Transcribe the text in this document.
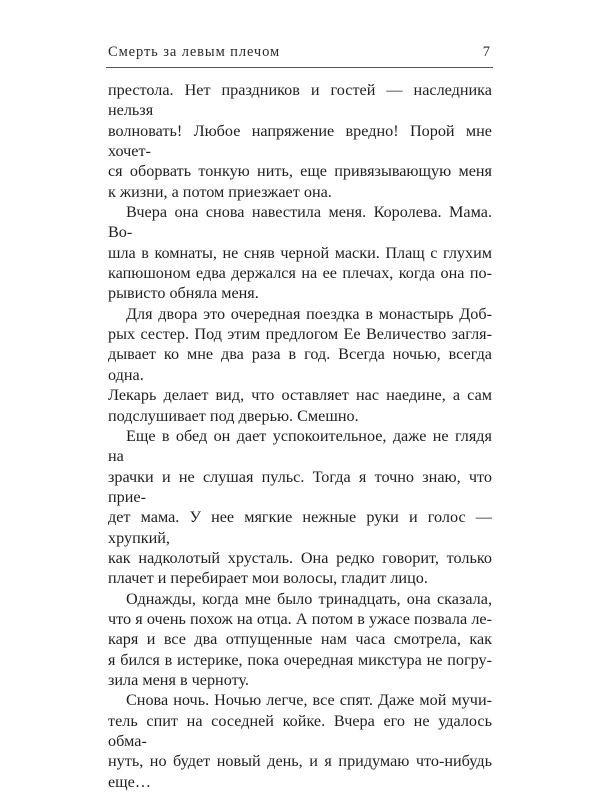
Смерть за левым плечом	7

престола. Нет праздников и гостей — наследника нельзя

волновать! Любое напряжение вредно! Порой мне хочет-

ся оборвать тонкую нить, еще привязывающую меня

к жизни, а потом приезжает она.

Вчера она снова навестила меня. Королева. Мама. Во-

шла в комнаты, не сняв черной маски. Плащ с глухим

капюшоном едва держался на ее плечах, когда она по-

рывисто обняла меня.

Для двора это очередная поездка в монастырь Доб-

рых сестер. Под этим предлогом Ее Величество загля-

дывает ко мне два раза в год. Всегда ночью, всегда одна.

Лекарь делает вид, что оставляет нас наедине, а сам

подслушивает под дверью. Смешно.

Еще в обед он дает успокоительное, даже не глядя на

зрачки и не слушая пульс. Тогда я точно знаю, что прие-

дет мама. У нее мягкие нежные руки и голос — хрупкий,

как надколотый хрусталь. Она редко говорит, только

плачет и перебирает мои волосы, гладит лицо.

Однажды, когда мне было тринадцать, она сказала,

что я очень похож на отца. А потом в ужасе позвала ле-

каря и все два отпущенные нам часа смотрела, как

я бился в истерике, пока очередная микстура не погру-

зила меня в черноту.

Снова ночь. Ночью легче, все спят. Даже мой мучи-

тель спит на соседней койке. Вчера его не удалось обма-

нуть, но будет новый день, и я придумаю что-нибудь

еще…
